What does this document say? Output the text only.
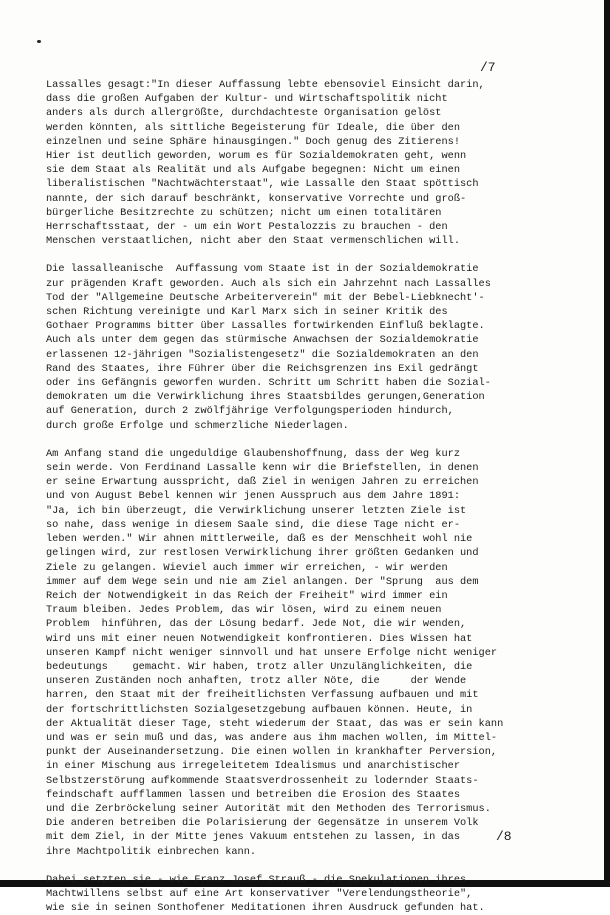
/7
Lassalles gesagt:"In dieser Auffassung lebte ebensoviel Einsicht darin,
dass die großen Aufgaben der Kultur- und Wirtschaftspolitik nicht
anders als durch allergrößte, durchdachteste Organisation gelöst
werden könnten, als sittliche Begeisterung für Ideale, die über den
einzelnen und seine Sphäre hinausgingen." Doch genug des Zitierens!
Hier ist deutlich geworden, worum es für Sozialdemokraten geht, wenn
sie dem Staat als Realität und als Aufgabe begegnen: Nicht um einen
liberalistischen "Nachtwächterstaat", wie Lassalle den Staat spöttisch
nannte, der sich darauf beschränkt, konservative Vorrechte und groß-
bürgerliche Besitzrechte zu schützen; nicht um einen totalitären
Herrschaftsstaat, der - um ein Wort Pestalozzis zu brauchen - den
Menschen verstaatlichen, nicht aber den Staat vermenschlichen will.
Die lassalleanische  Auffassung vom Staate ist in der Sozialdemokratie
zur prägenden Kraft geworden. Auch als sich ein Jahrzehnt nach Lassalles
Tod der "Allgemeine Deutsche Arbeiterverein" mit der Bebel-Liebknecht'-
schen Richtung vereinigte und Karl Marx sich in seiner Kritik des
Gothaer Programms bitter über Lassalles fortwirkenden Einfluß beklagte.
Auch als unter dem gegen das stürmische Anwachsen der Sozialdemokratie
erlassenen 12-jährigen "Sozialistengesetz" die Sozialdemokraten an den
Rand des Staates, ihre Führer über die Reichsgrenzen ins Exil gedrängt
oder ins Gefängnis geworfen wurden. Schritt um Schritt haben die Sozial-
demokraten um die Verwirklichung ihres Staatsbildes gerungen,Generation
auf Generation, durch 2 zwölfjährige Verfolgungsperioden hindurch,
durch große Erfolge und schmerzliche Niederlagen.
Am Anfang stand die ungeduldige Glaubenshoffnung, dass der Weg kurz
sein werde. Von Ferdinand Lassalle kenn wir die Briefstellen, in denen
er seine Erwartung ausspricht, daß Ziel in wenigen Jahren zu erreichen
und von August Bebel kennen wir jenen Ausspruch aus dem Jahre 1891:
"Ja, ich bin überzeugt, die Verwirklichung unserer letzten Ziele ist
so nahe, dass wenige in diesem Saale sind, die diese Tage nicht er-
leben werden." Wir ahnen mittlerweile, daß es der Menschheit wohl nie
gelingen wird, zur restlosen Verwirklichung ihrer größten Gedanken und
Ziele zu gelangen. Wieviel auch immer wir erreichen, - wir werden
immer auf dem Wege sein und nie am Ziel anlangen. Der "Sprung  aus dem
Reich der Notwendigkeit in das Reich der Freiheit" wird immer ein
Traum bleiben. Jedes Problem, das wir lösen, wird zu einem neuen
Problem  hinführen, das der Lösung bedarf. Jede Not, die wir wenden,
wird uns mit einer neuen Notwendigkeit konfrontieren. Dies Wissen hat
unseren Kampf nicht weniger sinnvoll und hat unsere Erfolge nicht weniger
bedeutungs    gemacht. Wir haben, trotz aller Unzulänglichkeiten, die
unseren Zuständen noch anhaften, trotz aller Nöte, die     der Wende
harren, den Staat mit der freiheitlichsten Verfassung aufbauen und mit
der fortschrittlichsten Sozialgesetzgebung aufbauen können. Heute, in
der Aktualität dieser Tage, steht wiederum der Staat, das was er sein kann
und was er sein muß und das, was andere aus ihm machen wollen, im Mittel-
punkt der Auseinandersetzung. Die einen wollen in krankhafter Perversion,
in einer Mischung aus irregeleitetem Idealismus und anarchistischer
Selbstzerstörung aufkommende Staatsverdrossenheit zu lodernder Staats-
feindschaft aufflammen lassen und betreiben die Erosion des Staates
und die Zerbröckelung seiner Autorität mit den Methoden des Terrorismus.
Die anderen betreiben die Polarisierung der Gegensätze in unserem Volk
mit dem Ziel, in der Mitte jenes Vakuum entstehen zu lassen, in das
ihre Machtpolitik einbrechen kann.
Dabei setzten sie - wie Franz Josef Strauß - die Spekulationen ihres
Machtwillens selbst auf eine Art konservativer "Verelendungstheorie",
wie sie in seinen Sonthofener Meditationen ihren Ausdruck gefunden hat.
/8
